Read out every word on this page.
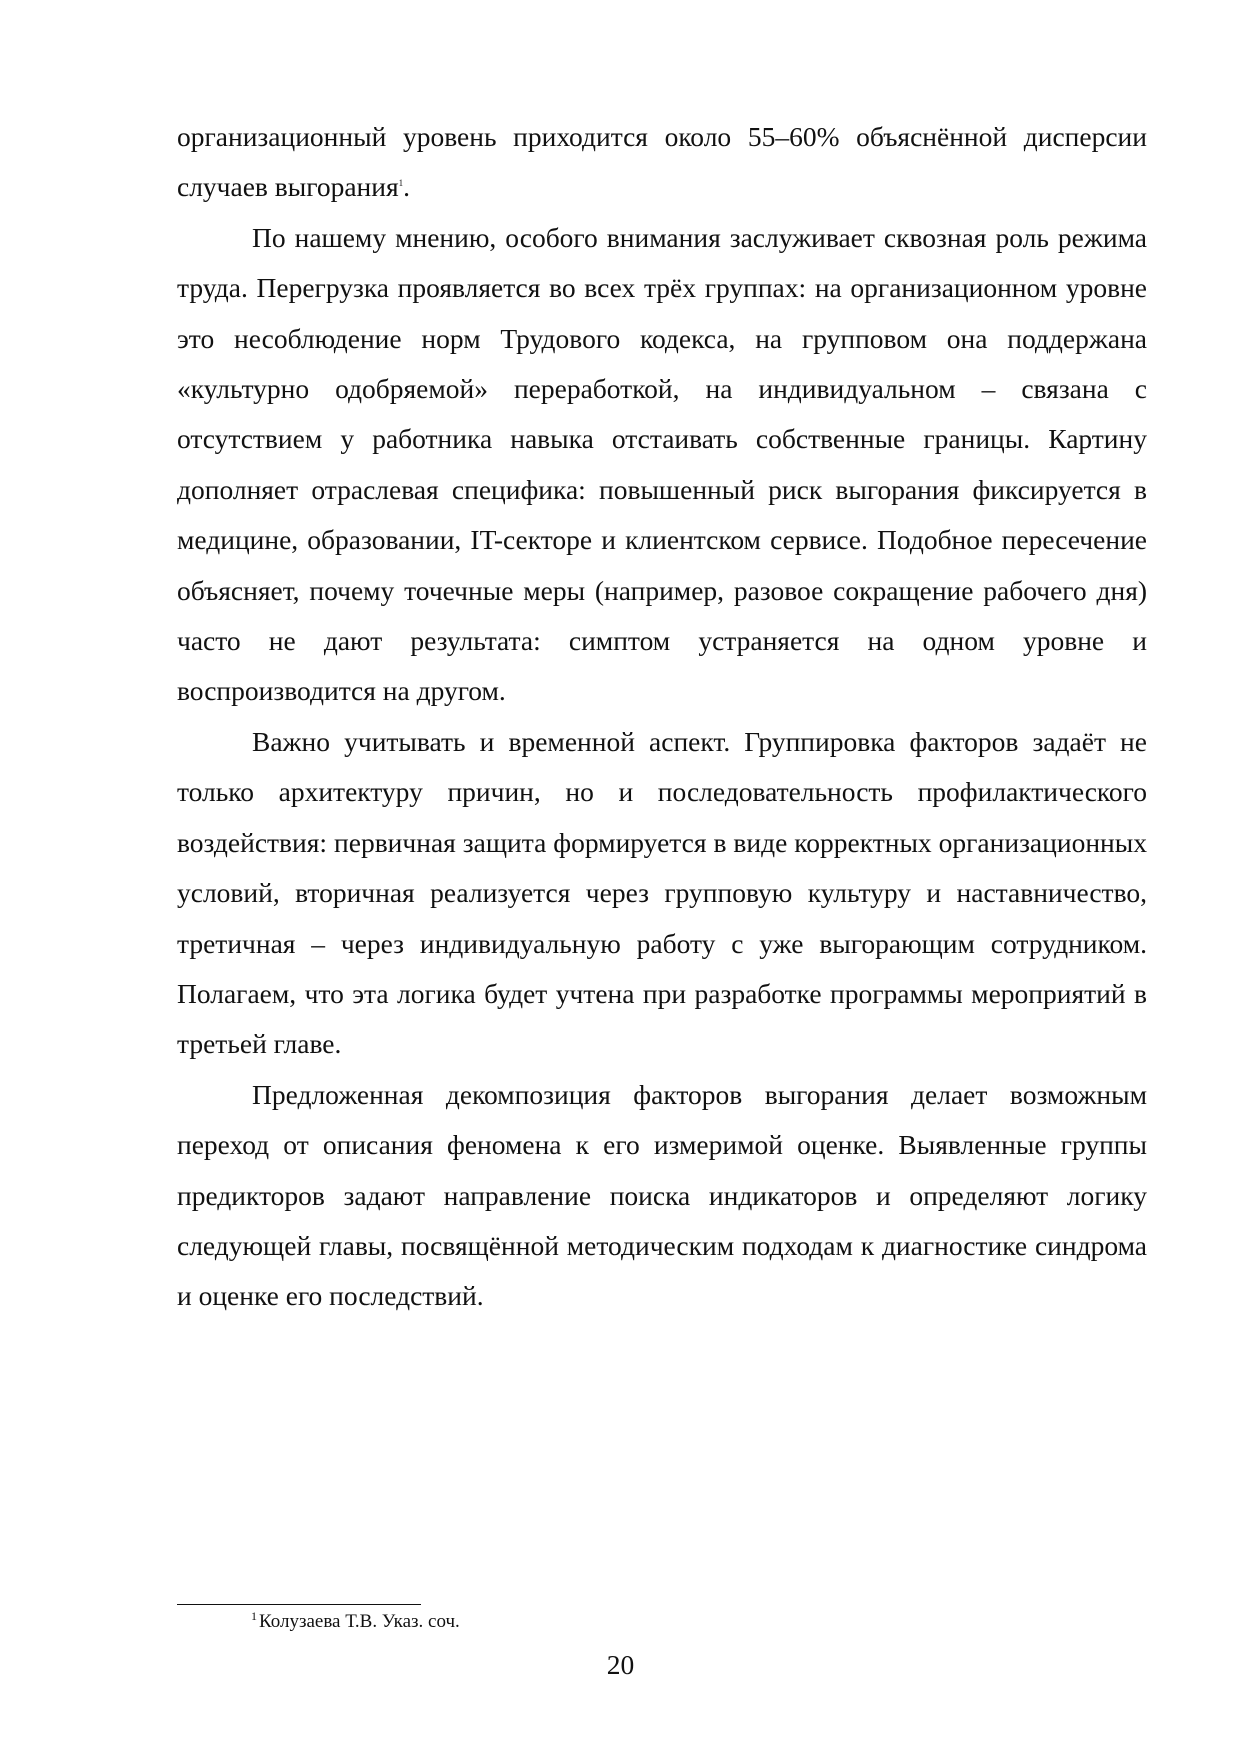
организационный уровень приходится около 55–60% объяснённой дисперсии случаев выгорания$^1$.

По нашему мнению, особого внимания заслуживает сквозная роль режима труда. Перегрузка проявляется во всех трёх группах: на организационном уровне это несоблюдение норм Трудового кодекса, на групповом она поддержана «культурно одобряемой» переработкой, на индивидуальном – связана с отсутствием у работника навыка отстаивать собственные границы. Картину дополняет отраслевая специфика: повышенный риск выгорания фиксируется в медицине, образовании, IT-секторе и клиентском сервисе. Подобное пересечение объясняет, почему точечные меры (например, разовое сокращение рабочего дня) часто не дают результата: симптом устраняется на одном уровне и воспроизводится на другом.

Важно учитывать и временной аспект. Группировка факторов задаёт не только архитектуру причин, но и последовательность профилактического воздействия: первичная защита формируется в виде корректных организационных условий, вторичная реализуется через групповую культуру и наставничество, третичная – через индивидуальную работу с уже выгорающим сотрудником. Полагаем, что эта логика будет учтена при разработке программы мероприятий в третьей главе.

Предложенная декомпозиция факторов выгорания делает возможным переход от описания феномена к его измеримой оценке. Выявленные группы предикторов задают направление поиска индикаторов и определяют логику следующей главы, посвящённой методическим подходам к диагностике синдрома и оценке его последствий.

$^1$ Колузаева Т.В. Указ. соч.
20
